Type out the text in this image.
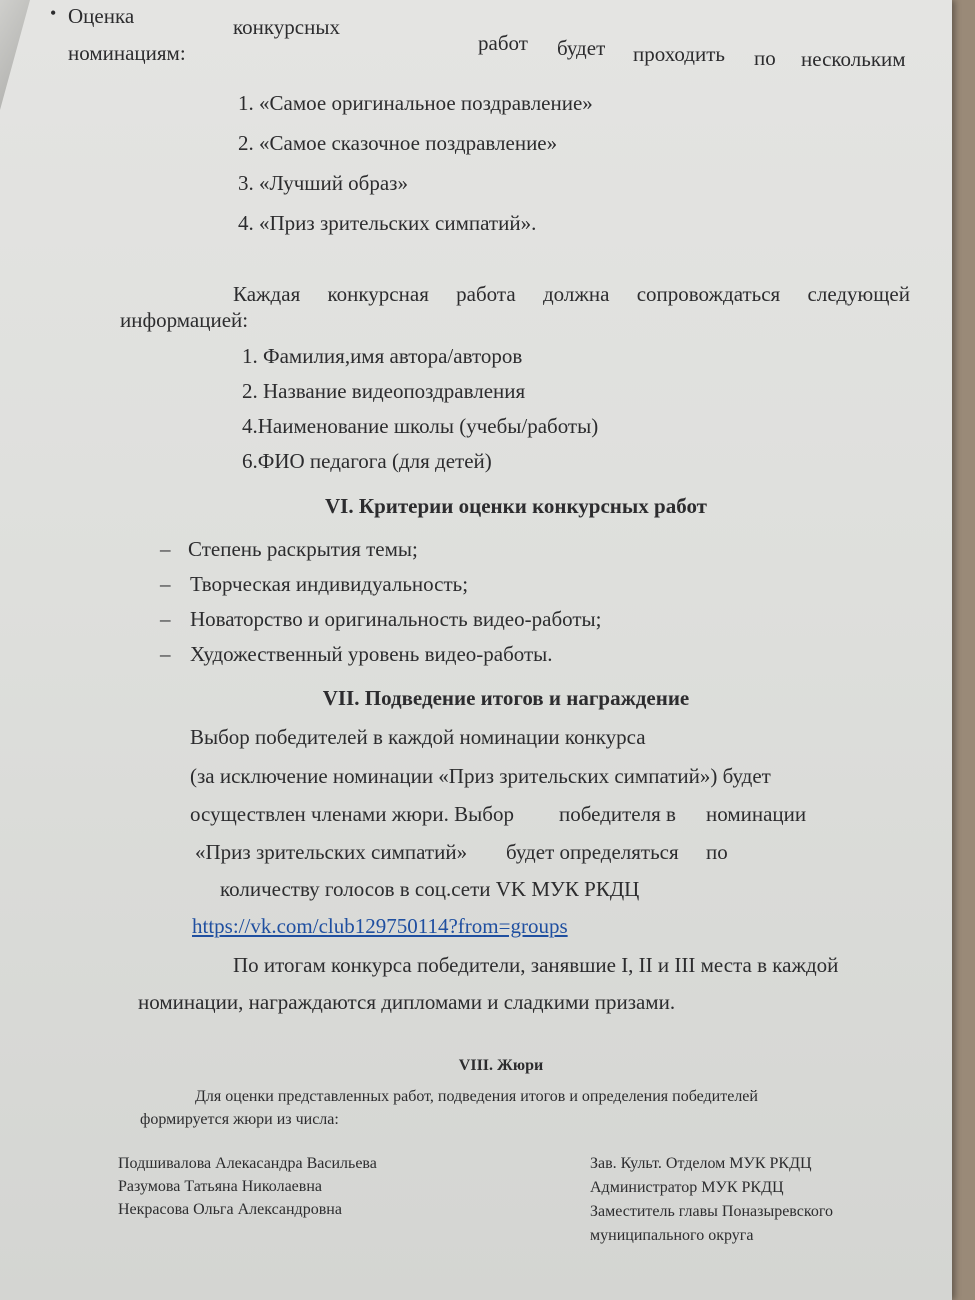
• Оценка	конкурсных
работ будет проходить по нескольким
номинациям:
1. «Самое оригинальное поздравление»
2. «Самое сказочное поздравление»
3. «Лучший образ»
4. «Приз зрительских симпатий».
Каждая конкурсная работа должна сопровождаться следующей
информацией:
1. Фамилия,имя автора/авторов
2. Название видеопоздравления
4.Наименование школы (учебы/работы)
6.ФИО педагога (для детей)
VI. Критерии оценки конкурсных работ
– Степень раскрытия темы;
– Творческая индивидуальность;
– Новаторство и оригинальность видео-работы;
– Художественный уровень видео-работы.
VII. Подведение итогов и награждение
Выбор победителей в каждой номинации конкурса
(за исключение номинации «Приз зрительских симпатий») будет
осуществлен членами жюри. Выбор победителя в номинации
«Приз зрительских симпатий» будет определяться по
количеству голосов в соц.сети VK МУК РКДЦ
https://vk.com/club129750114?from=groups
По итогам конкурса победители, занявшие I, II и III места в каждой
номинации, награждаются дипломами и сладкими призами.
VIII. Жюри
Для оценки представленных работ, подведения итогов и определения победителей
формируется жюри из числа:
Подшивалова Алекасандра Васильева
Разумова Татьяна Николаевна
Некрасова Ольга Александровна
Зав. Культ. Отделом МУК РКДЦ
Администратор МУК РКДЦ
Заместитель главы Поназыревского
муниципального округа
